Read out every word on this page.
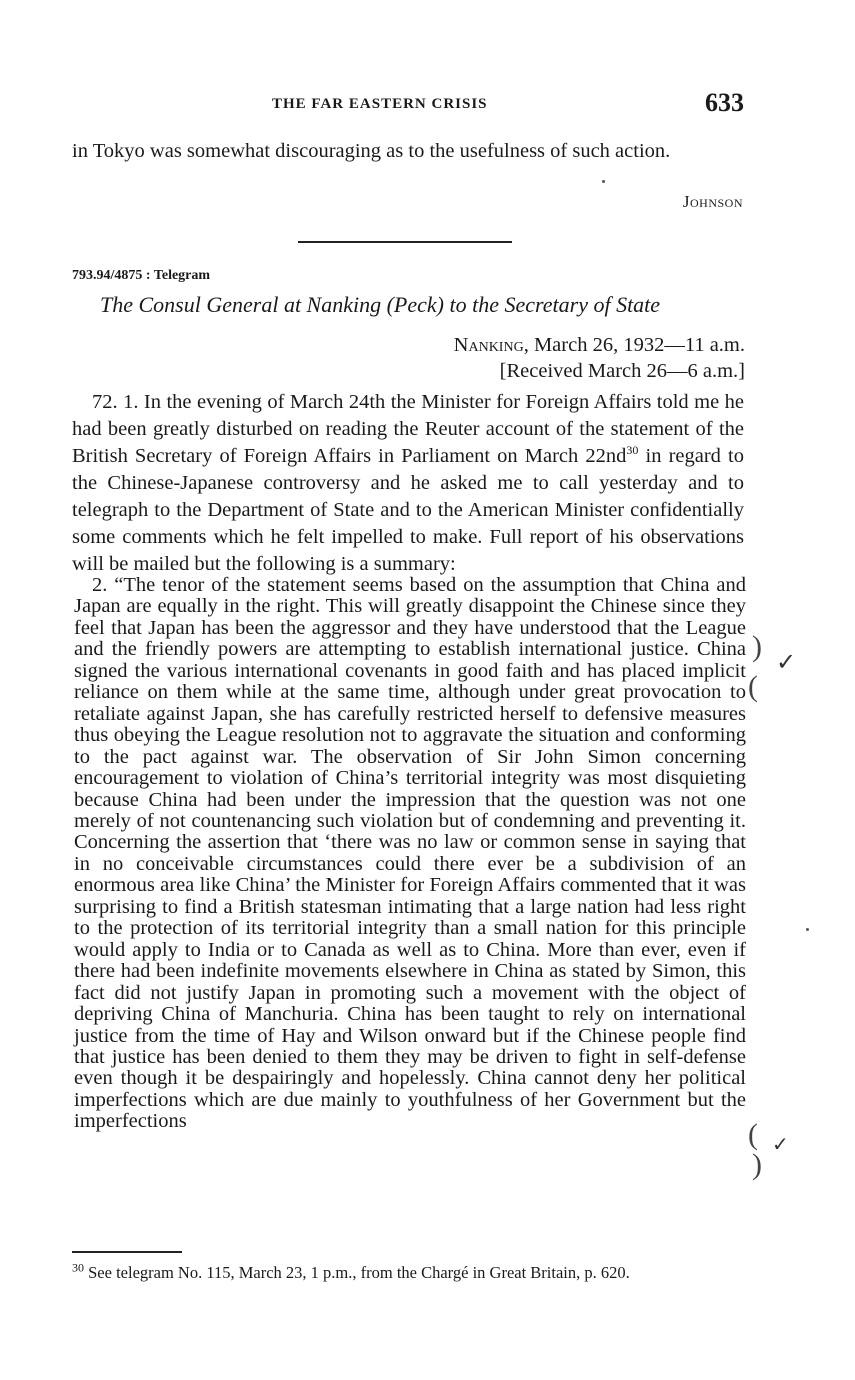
THE FAR EASTERN CRISIS	633

in Tokyo was somewhat discouraging as to the usefulness of such action.

Johnson
793.94/4875 : Telegram
The Consul General at Nanking (Peck) to the Secretary of State
Nanking, March 26, 1932—11 a.m.
[Received March 26—6 a.m.]

72. 1. In the evening of March 24th the Minister for Foreign Affairs told me he had been greatly disturbed on reading the Reuter account of the statement of the British Secretary of Foreign Affairs in Parliament on March $22nd^{30}$ in regard to the Chinese-Japanese controversy and he asked me to call yesterday and to telegraph to the Department of State and to the American Minister confidentially some comments which he felt impelled to make. Full report of his observations will be mailed but the following is a summary:

2. “The tenor of the statement seems based on the assumption that China and Japan are equally in the right. This will greatly disappoint the Chinese since they feel that Japan has been the aggressor and they have understood that the League and the friendly powers are attempting to establish international justice. China signed the various international covenants in good faith and has placed implicit reliance on them while at the same time, although under great provocation to retaliate against Japan, she has carefully restricted herself to defensive measures thus obeying the League resolution not to aggravate the situation and conforming to the pact against war. The observation of Sir John Simon concerning encouragement to violation of China’s territorial integrity was most disquieting because China had been under the impression that the question was not one merely of not countenancing such violation but of condemning and preventing it. Concerning the assertion that ‘there was no law or common sense in saying that in no conceivable circumstances could there ever be a subdivision of an enormous area like China’ the Minister for Foreign Affairs commented that it was surprising to find a British statesman intimating that a large nation had less right to the protection of its territorial integrity than a small nation for this principle would apply to India or to Canada as well as to China. More than ever, even if there had been indefinite movements elsewhere in China as stated by Simon, this fact did not justify Japan in promoting such a movement with the object of depriving China of Manchuria. China has been taught to rely on international justice from the time of Hay and Wilson onward but if the Chinese people find that justice has been denied to them they may be driven to fight in self-defense even though it be despairingly and hopelessly. China cannot deny her political imperfections which are due mainly to youthfulness of her Government but the imperfections

$^{30}$ See telegram No. 115, March 23, 1 p.m., from the Chargé in Great Britain, p. 620.

)
(
✓
(
)
✓
